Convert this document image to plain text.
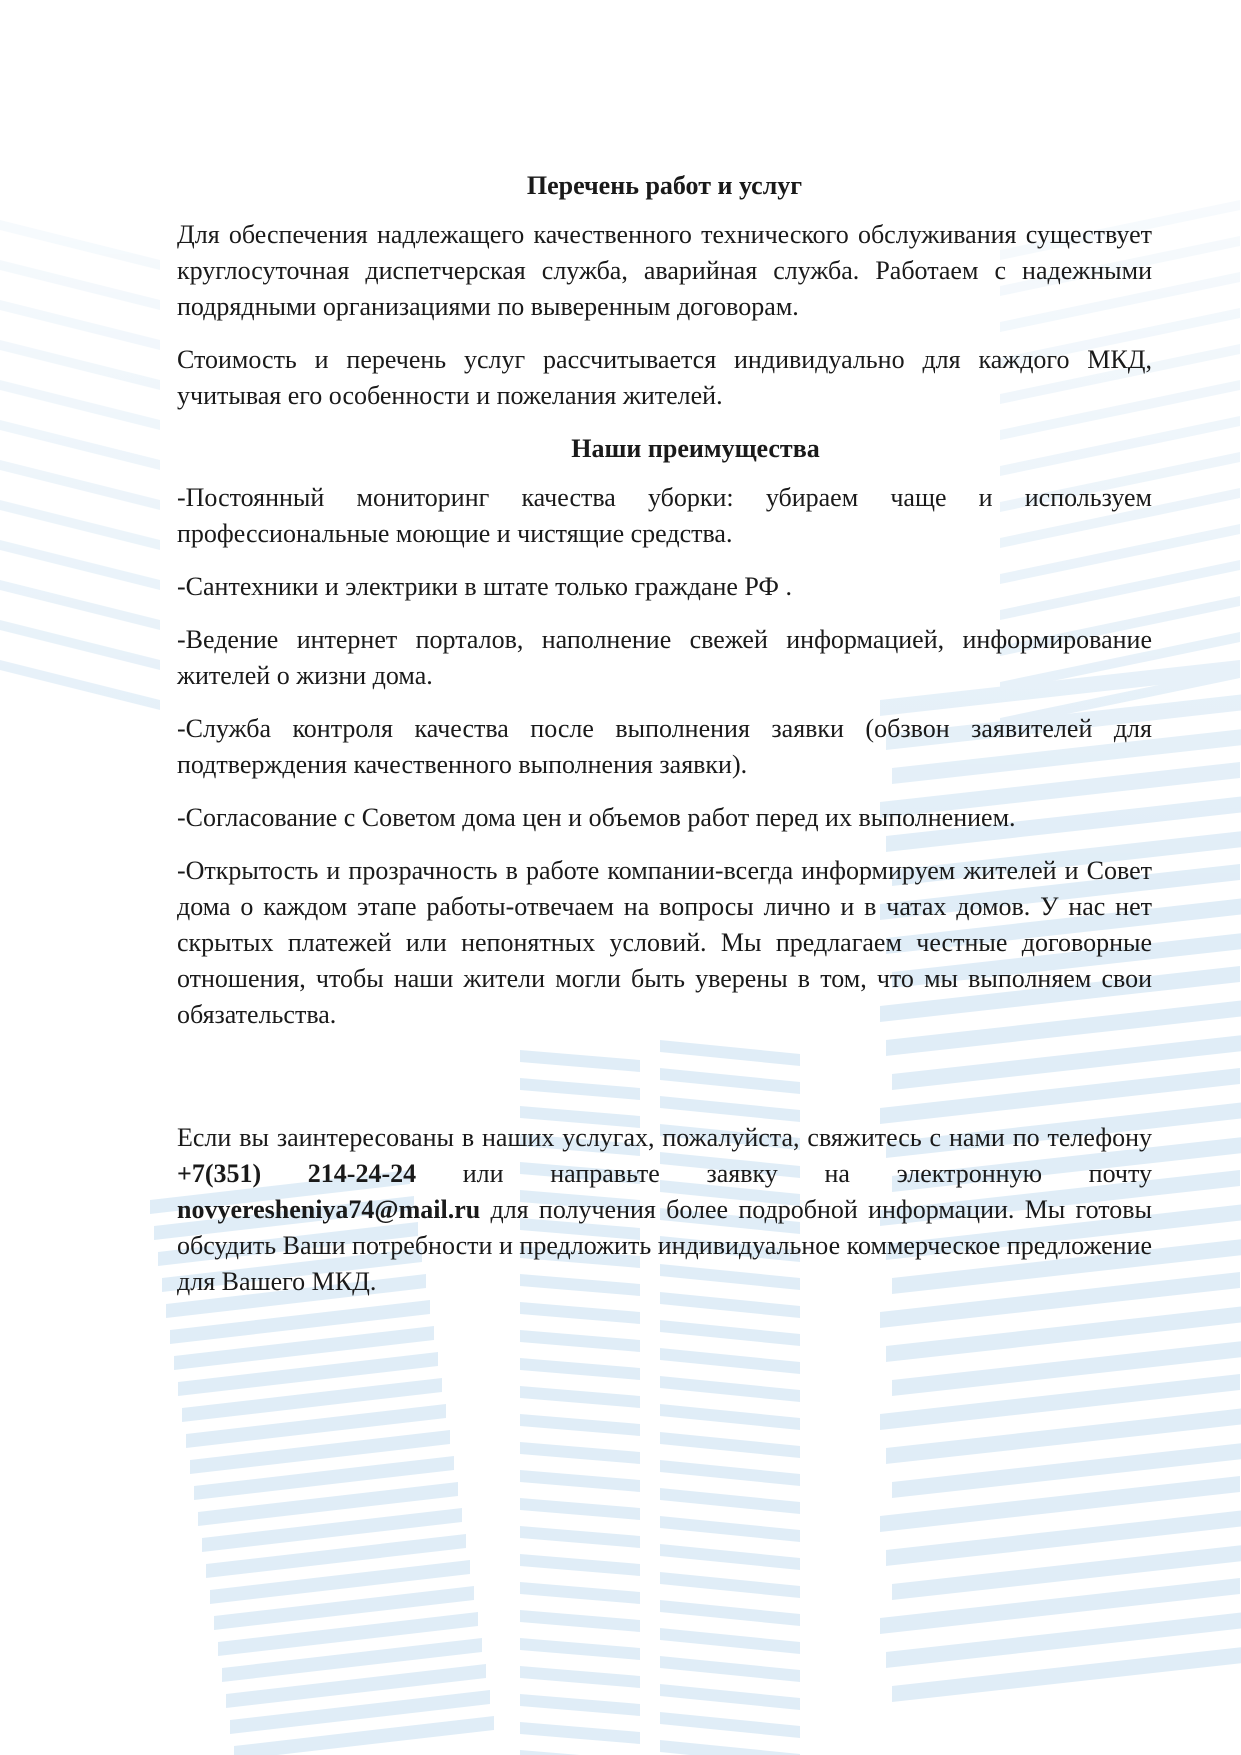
Перечень работ и услуг

Для обеспечения надлежащего качественного технического обслуживания существует круглосуточная диспетчерская служба, аварийная служба. Работаем с надежными подрядными организациями по выверенным договорам.

Стоимость и перечень услуг рассчитывается индивидуально для каждого МКД, учитывая его особенности и пожелания жителей.

Наши преимущества

-Постоянный мониторинг качества уборки: убираем чаще и используем профессиональные моющие и чистящие средства.

-Сантехники и электрики в штате только граждане РФ .

-Ведение интернет порталов, наполнение свежей информацией, информирование жителей о жизни дома.

-Служба контроля качества после выполнения заявки (обзвон заявителей для подтверждения качественного выполнения заявки).

-Согласование с Советом дома цен и объемов работ перед их выполнением.

-Открытость и прозрачность в работе компании-всегда информируем жителей и Совет дома о каждом этапе работы-отвечаем на вопросы лично и в чатах домов. У нас нет скрытых платежей или непонятных условий. Мы предлагаем честные договорные отношения, чтобы наши жители могли быть уверены в том, что мы выполняем свои обязательства.

Если вы заинтересованы в наших услугах, пожалуйста, свяжитесь с нами по телефону +7(351) 214-24-24 или направьте заявку на электронную почту novyeresheniya74@mail.ru для получения более подробной информации. Мы готовы обсудить Ваши потребности и предложить индивидуальное коммерческое предложение для Вашего МКД.
